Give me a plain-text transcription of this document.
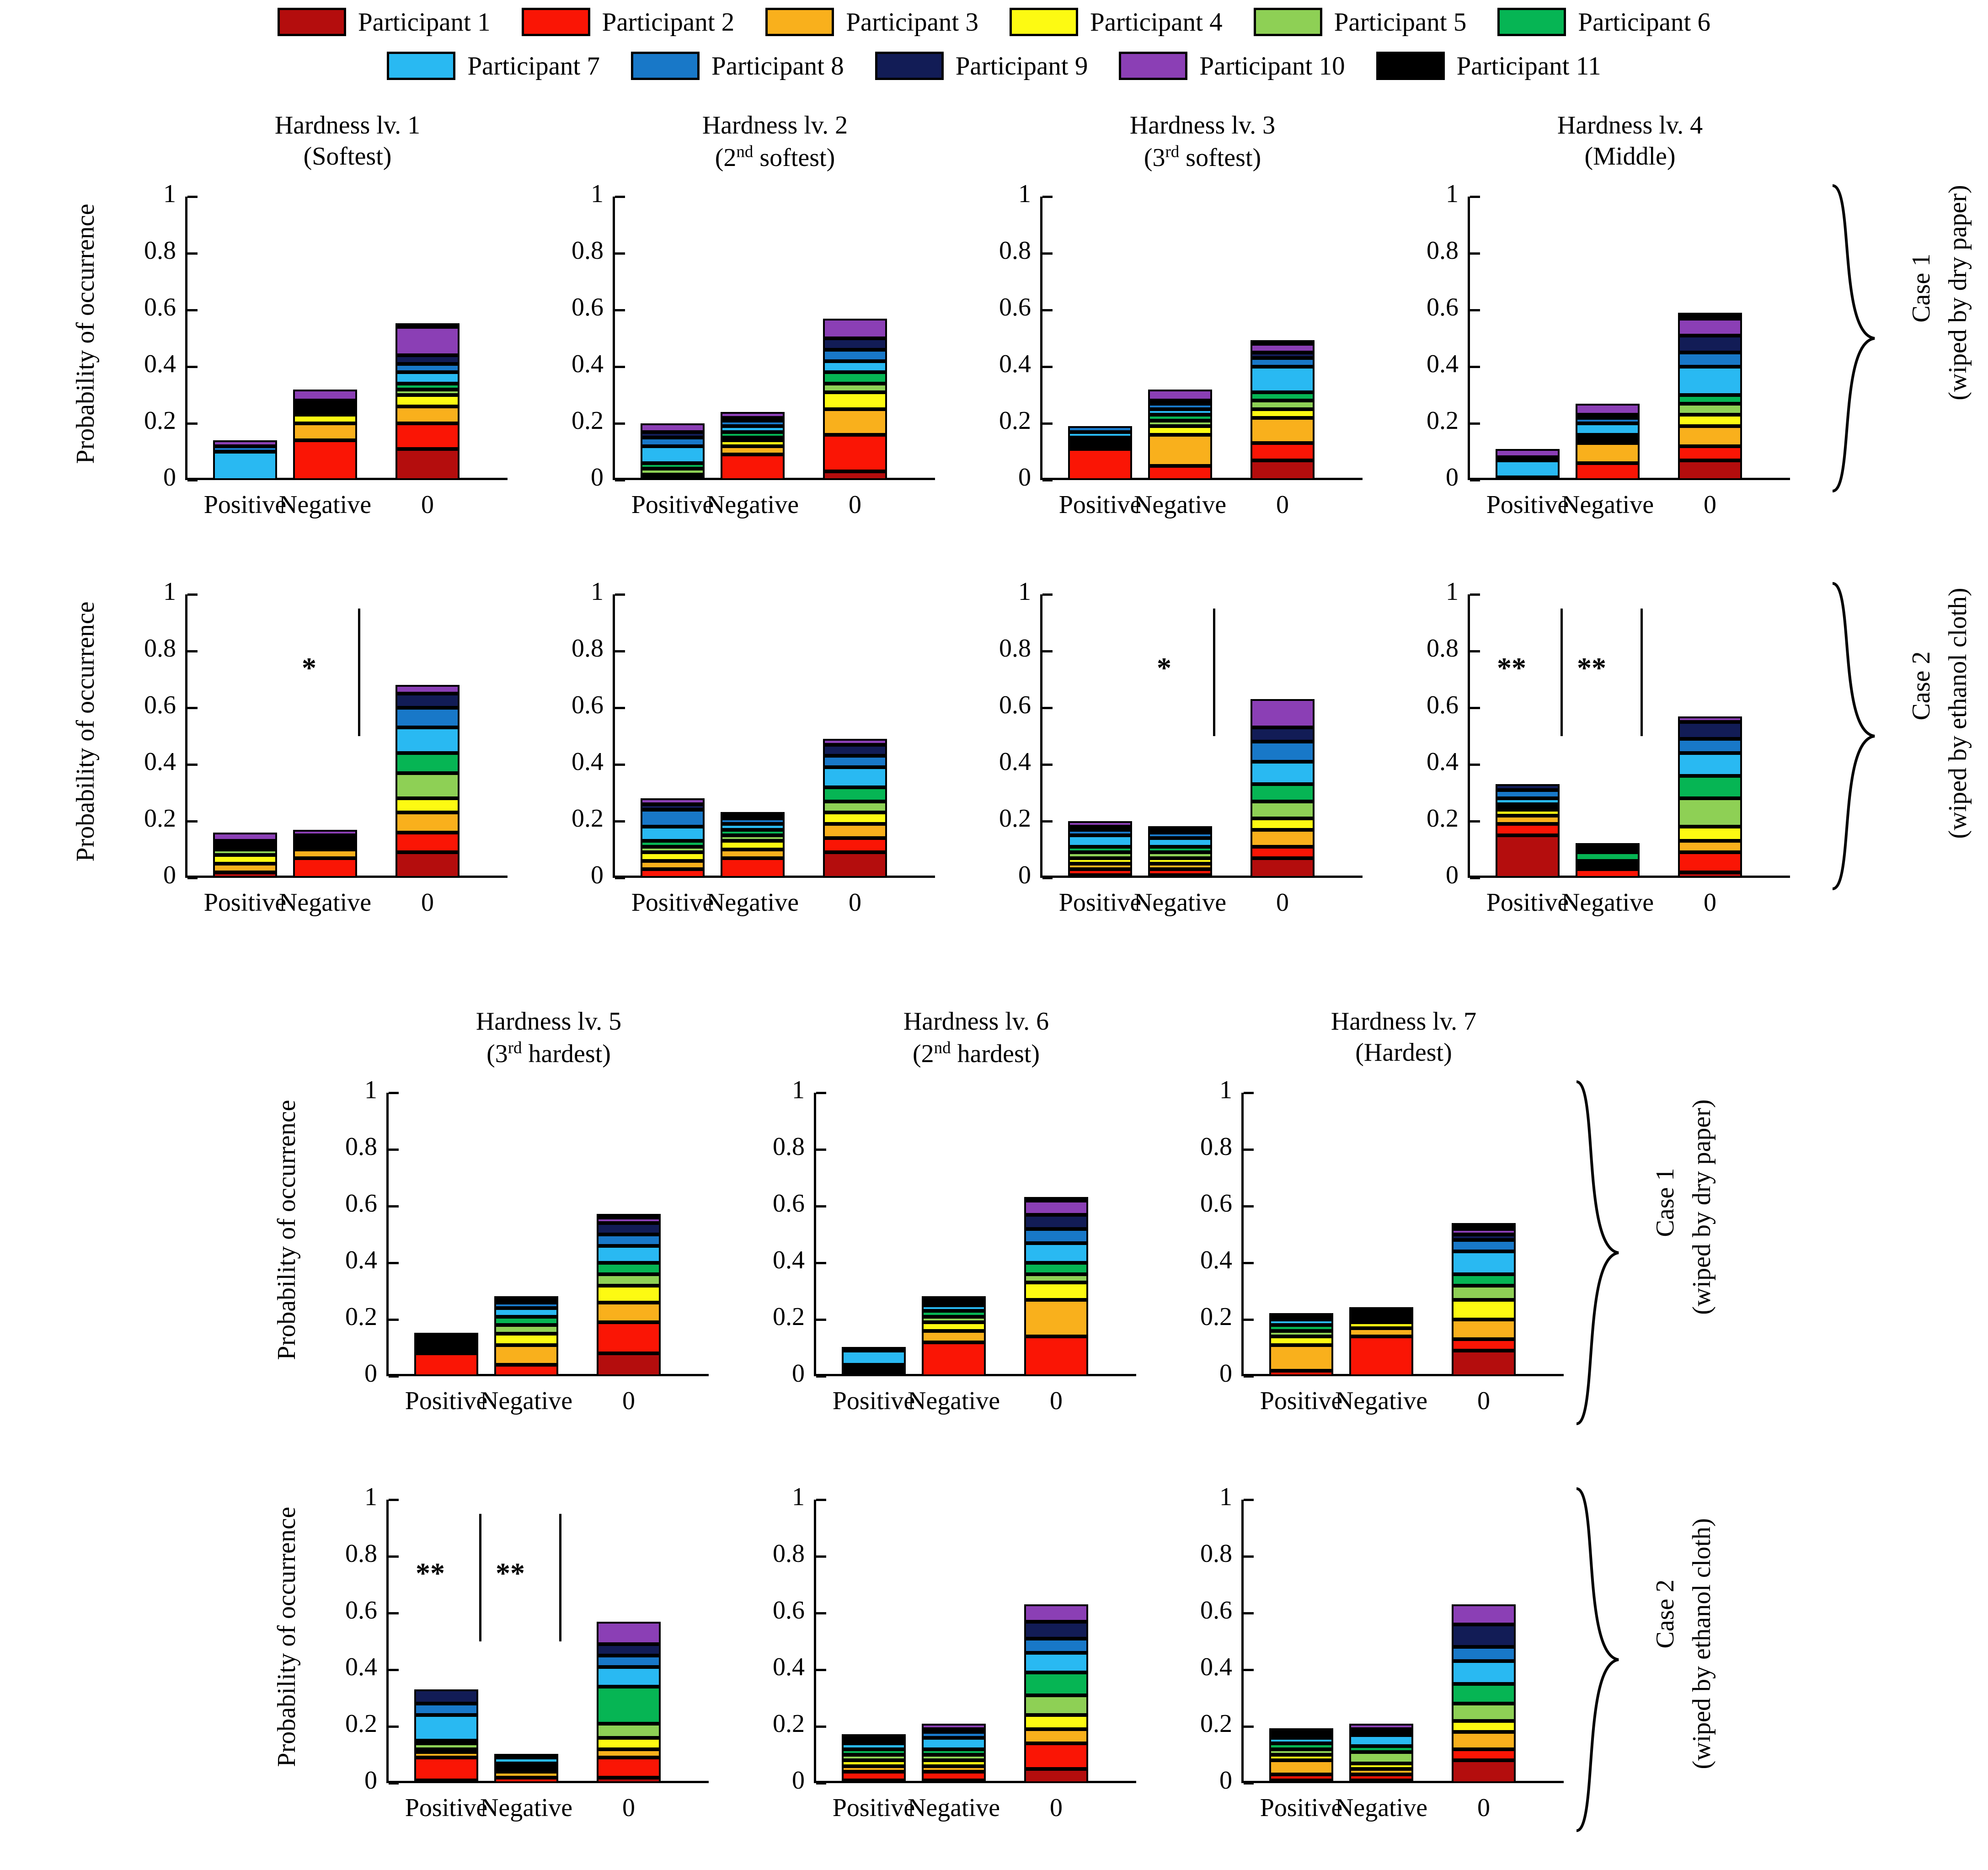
Participant 1	Participant 2	Participant 3	Participant 4	Participant 5	Participant 6
Participant 7	Participant 8	Participant 9	Participant 10	Participant 11
Hardness lv. 1
(Softest)
Probability of occurrence
0
0.2
0.4
0.6
0.8
1
Positive
Negative	0
Hardness lv. 2
(2nd softest)
0
0.2
0.4
0.6
0.8
1
Positive
Negative	0
Hardness lv. 3
(3rd softest)
0
0.2
0.4
0.6
0.8
1
Positive
Negative	0
Hardness lv. 4
(Middle)
0
0.2
0.4
0.6
0.8
1
Positive
Negative	0
Probability of occurrence
0
0.2
0.4
0.6
0.8
1
Positive
Negative	0
*
0
0.2
0.4
0.6
0.8
1
Positive
Negative	0
0
0.2
0.4
0.6
0.8
1
Positive
Negative	0
*
0
0.2
0.4
0.6
0.8
1
Positive
Negative	0
**	**
Hardness lv. 5
(3rd hardest)
Probability of occurrence
0
0.2
0.4
0.6
0.8
1
Positive
Negative	0
Hardness lv. 6
(2nd hardest)
0
0.2
0.4
0.6
0.8
1
Positive
Negative	0
Hardness lv. 7
(Hardest)
0
0.2
0.4
0.6
0.8
1
Positive
Negative	0
Probability of occurrence
0
0.2
0.4
0.6
0.8
1
Positive
Negative	0
**	**
0
0.2
0.4
0.6
0.8
1
Positive
Negative	0
0
0.2
0.4
0.6
0.8
1
Positive
Negative	0
Case 1 (wiped by dry paper)
Case 2 (wiped by ethanol cloth)
Case 1 (wiped by dry paper)
Case 2 (wiped by ethanol cloth)
